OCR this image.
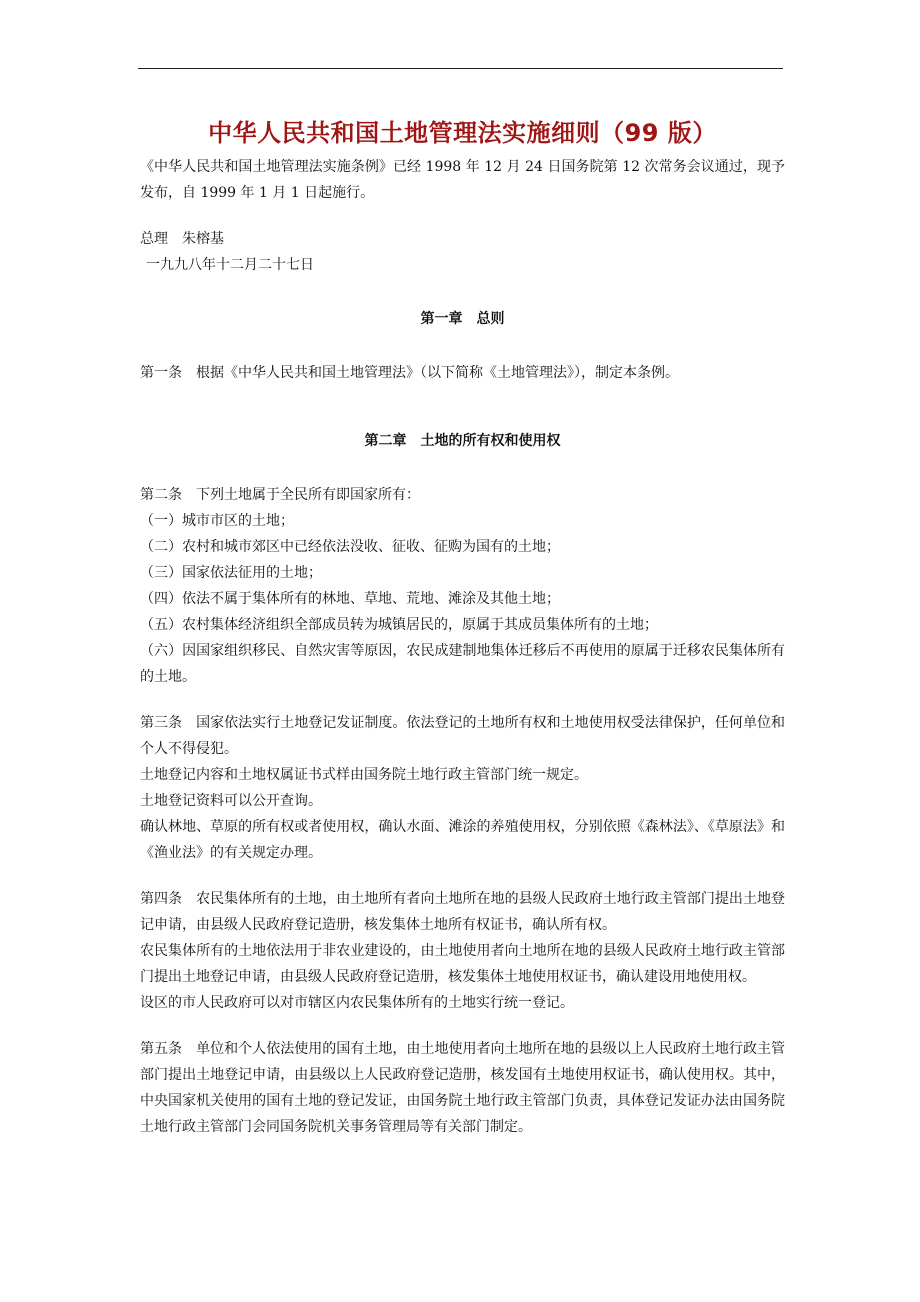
中华人民共和国土地管理法实施细则（99 版）

《中华人民共和国土地管理法实施条例》已经 1998 年 12 月 24 日国务院第 12 次常务会议通过，现予发布，自 1999 年 1 月 1 日起施行。

总理　朱榕基

一九九八年十二月二十七日

第一章　总则

第一条　根据《中华人民共和国土地管理法》（以下简称《土地管理法》），制定本条例。

第二章　土地的所有权和使用权

第二条　下列土地属于全民所有即国家所有：

（一）城市市区的土地；

（二）农村和城市郊区中已经依法没收、征收、征购为国有的土地；

（三）国家依法征用的土地；

（四）依法不属于集体所有的林地、草地、荒地、滩涂及其他土地；

（五）农村集体经济组织全部成员转为城镇居民的，原属于其成员集体所有的土地；

（六）因国家组织移民、自然灾害等原因，农民成建制地集体迁移后不再使用的原属于迁移农民集体所有的土地。

第三条　国家依法实行土地登记发证制度。依法登记的土地所有权和土地使用权受法律保护，任何单位和个人不得侵犯。

土地登记内容和土地权属证书式样由国务院土地行政主管部门统一规定。

土地登记资料可以公开查询。

确认林地、草原的所有权或者使用权，确认水面、滩涂的养殖使用权，分别依照《森林法》、《草原法》和《渔业法》的有关规定办理。

第四条　农民集体所有的土地，由土地所有者向土地所在地的县级人民政府土地行政主管部门提出土地登记申请，由县级人民政府登记造册，核发集体土地所有权证书，确认所有权。

农民集体所有的土地依法用于非农业建设的，由土地使用者向土地所在地的县级人民政府土地行政主管部门提出土地登记申请，由县级人民政府登记造册，核发集体土地使用权证书，确认建设用地使用权。

设区的市人民政府可以对市辖区内农民集体所有的土地实行统一登记。

第五条　单位和个人依法使用的国有土地，由土地使用者向土地所在地的县级以上人民政府土地行政主管部门提出土地登记申请，由县级以上人民政府登记造册，核发国有土地使用权证书，确认使用权。其中，中央国家机关使用的国有土地的登记发证，由国务院土地行政主管部门负责，具体登记发证办法由国务院土地行政主管部门会同国务院机关事务管理局等有关部门制定。
